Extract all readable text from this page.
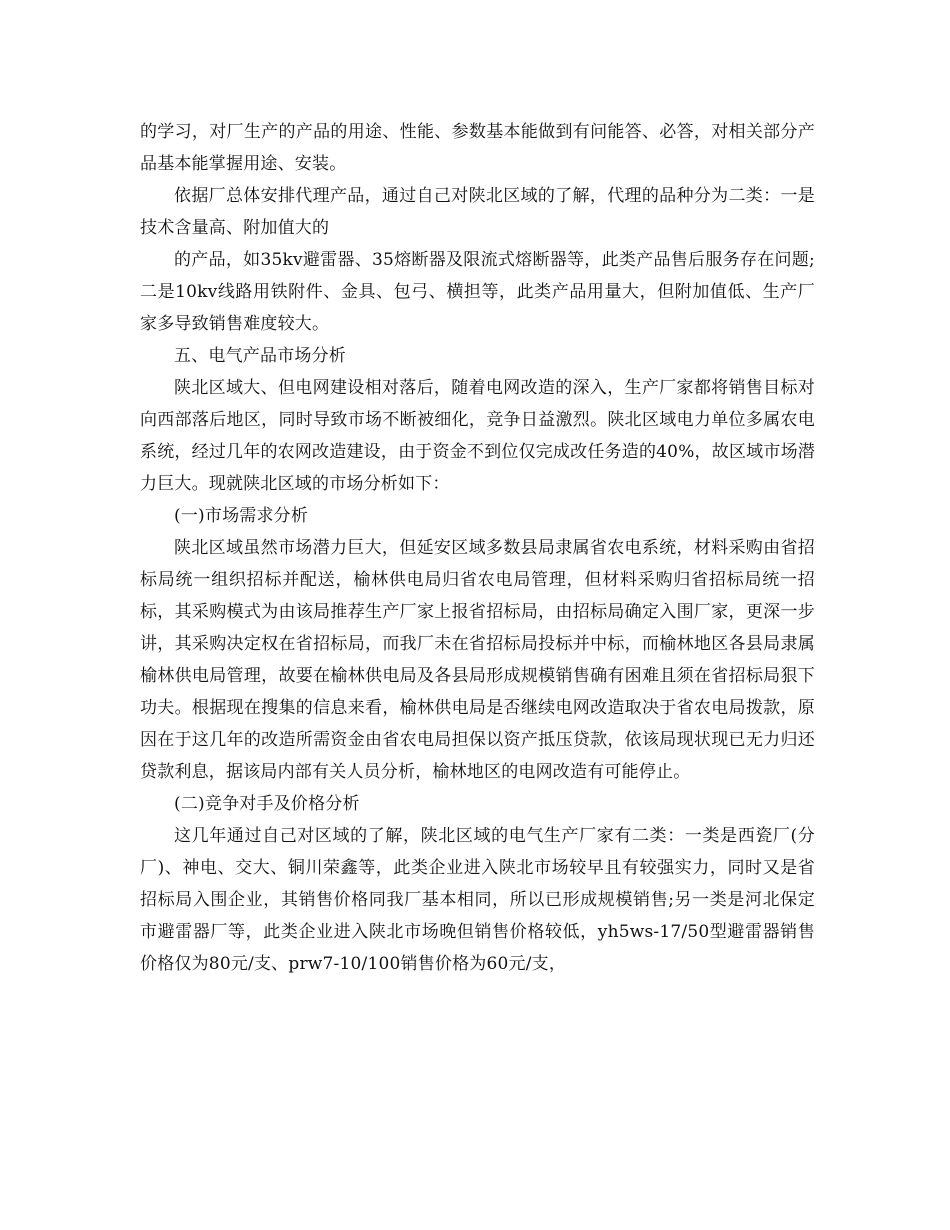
的学习，对厂生产的产品的用途、性能、参数基本能做到有问能答、必答，对相关部分产品基本能掌握用途、安装。

依据厂总体安排代理产品，通过自己对陕北区域的了解，代理的品种分为二类：一是技术含量高、附加值大的

的产品，如35kv避雷器、35熔断器及限流式熔断器等，此类产品售后服务存在问题;二是10kv线路用铁附件、金具、包弓、横担等，此类产品用量大，但附加值低、生产厂家多导致销售难度较大。

五、电气产品市场分析

陕北区域大、但电网建设相对落后，随着电网改造的深入，生产厂家都将销售目标对向西部落后地区，同时导致市场不断被细化，竞争日益激烈。陕北区域电力单位多属农电系统，经过几年的农网改造建设，由于资金不到位仅完成改任务造的40%，故区域市场潜力巨大。现就陕北区域的市场分析如下：

(一)市场需求分析

陕北区域虽然市场潜力巨大，但延安区域多数县局隶属省农电系统，材料采购由省招标局统一组织招标并配送，榆林供电局归省农电局管理，但材料采购归省招标局统一招标，其采购模式为由该局推荐生产厂家上报省招标局，由招标局确定入围厂家，更深一步讲，其采购决定权在省招标局，而我厂未在省招标局投标并中标，而榆林地区各县局隶属榆林供电局管理，故要在榆林供电局及各县局形成规模销售确有困难且须在省招标局狠下功夫。根据现在搜集的信息来看，榆林供电局是否继续电网改造取决于省农电局拨款，原因在于这几年的改造所需资金由省农电局担保以资产抵压贷款，依该局现状现已无力归还贷款利息，据该局内部有关人员分析，榆林地区的电网改造有可能停止。

(二)竞争对手及价格分析

这几年通过自己对区域的了解，陕北区域的电气生产厂家有二类：一类是西瓷厂(分厂)、神电、交大、铜川荣鑫等，此类企业进入陕北市场较早且有较强实力，同时又是省招标局入围企业，其销售价格同我厂基本相同，所以已形成规模销售;另一类是河北保定市避雷器厂等，此类企业进入陕北市场晚但销售价格较低，yh5ws-17/50型避雷器销售价格仅为80元/支、prw7-10/100销售价格为60元/支，
